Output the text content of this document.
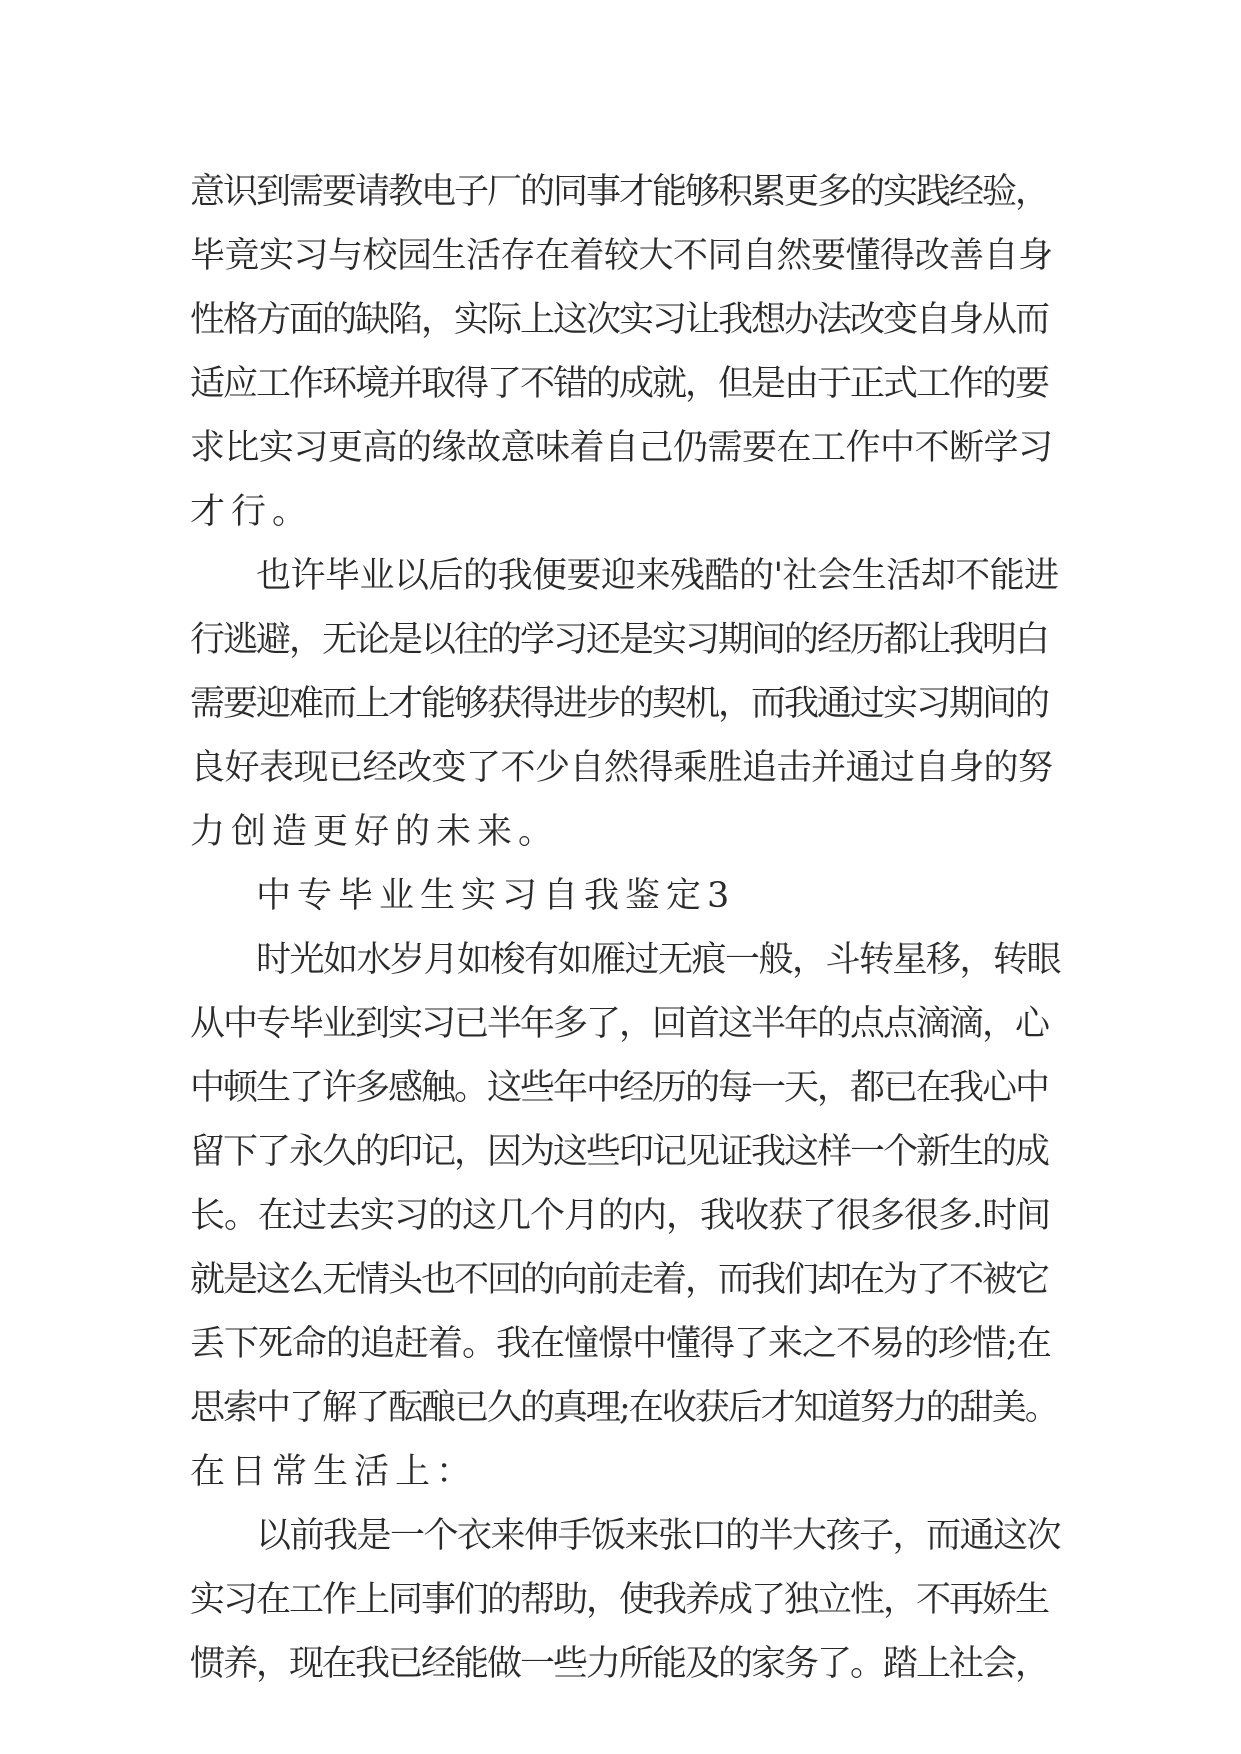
意识到需要请教电子厂的同事才能够积累更多的实践经验，
毕竟实习与校园生活存在着较大不同自然要懂得改善自身
性格方面的缺陷，实际上这次实习让我想办法改变自身从而
适应工作环境并取得了不错的成就，但是由于正式工作的要
求比实习更高的缘故意味着自己仍需要在工作中不断学习
才行。
也许毕业以后的我便要迎来残酷的'社会生活却不能进
行逃避，无论是以往的学习还是实习期间的经历都让我明白
需要迎难而上才能够获得进步的契机，而我通过实习期间的
良好表现已经改变了不少自然得乘胜追击并通过自身的努
力创造更好的未来。
中专毕业生实习自我鉴定3
时光如水岁月如梭有如雁过无痕一般，斗转星移，转眼
从中专毕业到实习已半年多了，回首这半年的点点滴滴，心
中顿生了许多感触。这些年中经历的每一天，都已在我心中
留下了永久的印记，因为这些印记见证我这样一个新生的成
长。在过去实习的这几个月的内，我收获了很多很多.时间
就是这么无情头也不回的向前走着，而我们却在为了不被它
丢下死命的追赶着。我在憧憬中懂得了来之不易的珍惜;在
思索中了解了酝酿已久的真理;在收获后才知道努力的甜美。
在日常生活上：
以前我是一个衣来伸手饭来张口的半大孩子，而通这次
实习在工作上同事们的帮助，使我养成了独立性，不再娇生
惯养，现在我已经能做一些力所能及的家务了。踏上社会，
